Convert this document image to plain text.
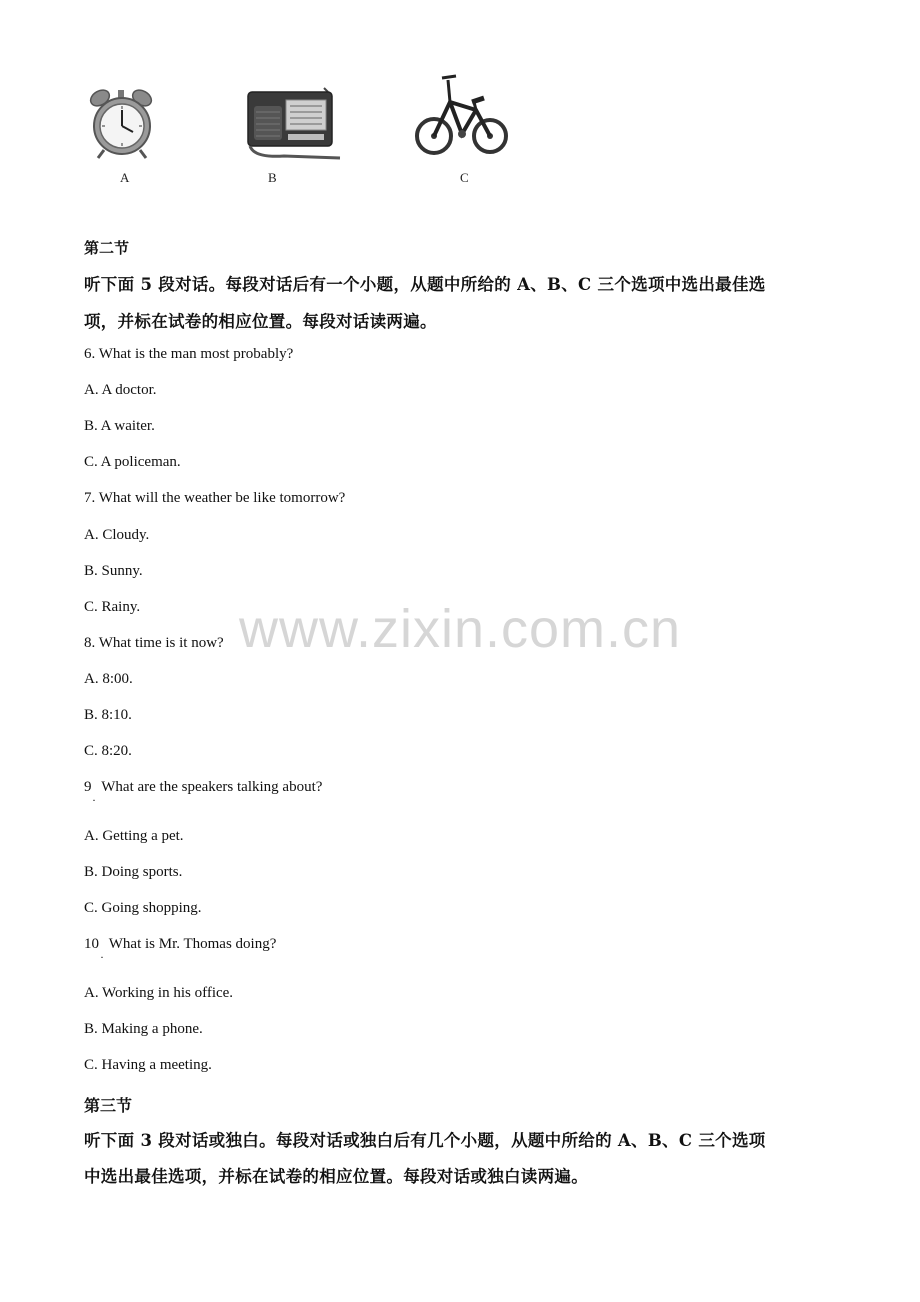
A	B	C
第二节
听下面 5 段对话。每段对话后有一个小题，从题中所给的 A、B、C 三个选项中选出最佳选
项，并标在试卷的相应位置。每段对话读两遍。
6. What is the man most probably?
A. A doctor.
B. A waiter.
C. A policeman.
7. What will the weather be like tomorrow?
A. Cloudy.
B. Sunny.
C. Rainy.
8. What time is it now?
A. 8:00.
B. 8:10.
C. 8:20.
9 What are the speakers talking about?
·
A. Getting a pet.
B. Doing sports.
C. Going shopping.
10 What is Mr. Thomas doing?
·
A. Working in his office.
B. Making a phone.
C. Having a meeting.
第三节
听下面 3 段对话或独白。每段对话或独白后有几个小题，从题中所给的 A、B、C 三个选项
中选出最佳选项，并标在试卷的相应位置。每段对话或独白读两遍。
www.zixin.com.cn
